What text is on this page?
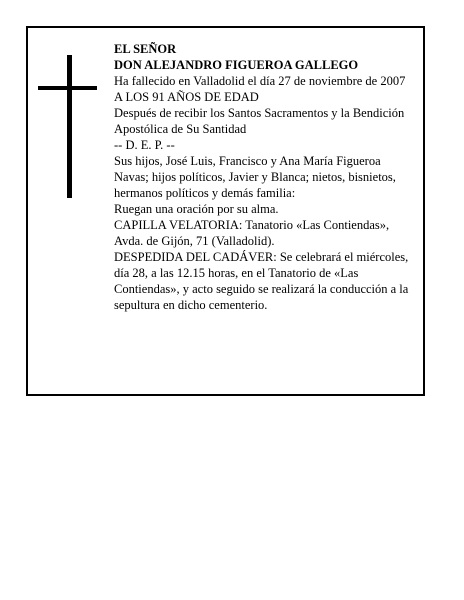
EL SEÑOR

DON ALEJANDRO FIGUEROA GALLEGO

Ha fallecido en Valladolid el día 27 de noviembre de 2007

A LOS 91 AÑOS DE EDAD

Después de recibir los Santos Sacramentos y la Bendición Apostólica de Su Santidad

-- D. E. P. --

Sus hijos, José Luis, Francisco y Ana María Figueroa Navas; hijos políticos, Javier y Blanca; nietos, bisnietos, hermanos políticos y demás familia:

Ruegan una oración por su alma.

CAPILLA VELATORIA: Tanatorio «Las Contiendas», Avda. de Gijón, 71 (Valladolid).

DESPEDIDA DEL CADÁVER: Se celebrará el miércoles, día 28, a las 12.15 horas, en el Tanatorio de «Las Contiendas», y acto seguido se realizará la conducción a la sepultura en dicho cementerio.
